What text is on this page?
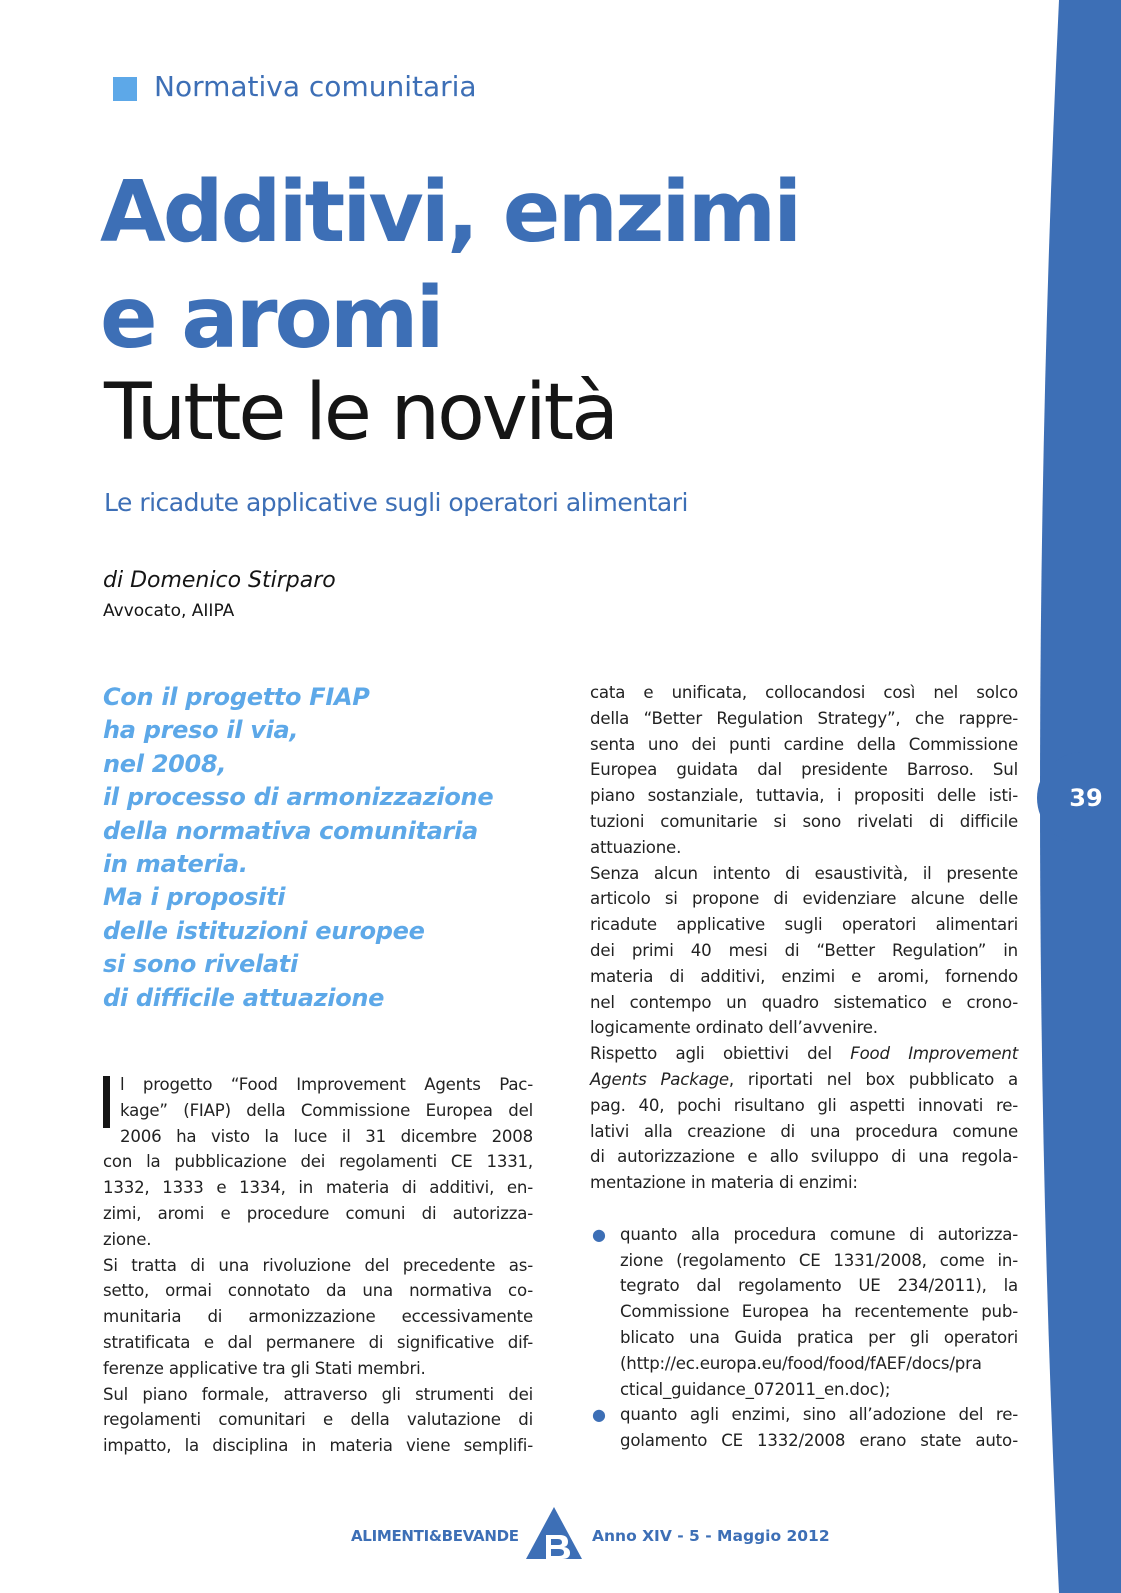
39
Normativa comunitaria
Additivi, enzimi
e aromi
Tutte le novità
Le ricadute applicative sugli operatori alimentari
di Domenico Stirparo
Avvocato, AIIPA
Con il progetto FIAP
ha preso il via,
nel 2008,
il processo di armonizzazione
della normativa comunitaria
in materia.
Ma i propositi
delle istituzioni europee
si sono rivelati
di difficile attuazione
l progetto “Food Improvement Agents Pac-
kage” (FIAP) della Commissione Europea del
2006 ha visto la luce il 31 dicembre 2008
con la pubblicazione dei regolamenti CE 1331,
1332, 1333 e 1334, in materia di additivi, en-
zimi, aromi e procedure comuni di autorizza-
zione.
Si tratta di una rivoluzione del precedente as-
setto, ormai connotato da una normativa co-
munitaria di armonizzazione eccessivamente
stratificata e dal permanere di significative dif-
ferenze applicative tra gli Stati membri.
Sul piano formale, attraverso gli strumenti dei
regolamenti comunitari e della valutazione di
impatto, la disciplina in materia viene semplifi-
cata e unificata, collocandosi così nel solco
della “Better Regulation Strategy”, che rappre-
senta uno dei punti cardine della Commissione
Europea guidata dal presidente Barroso. Sul
piano sostanziale, tuttavia, i propositi delle isti-
tuzioni comunitarie si sono rivelati di difficile
attuazione.
Senza alcun intento di esaustività, il presente
articolo si propone di evidenziare alcune delle
ricadute applicative sugli operatori alimentari
dei primi 40 mesi di “Better Regulation” in
materia di additivi, enzimi e aromi, fornendo
nel contempo un quadro sistematico e crono-
logicamente ordinato dell’avvenire.
Rispetto agli obiettivi del Food Improvement
Agents Package, riportati nel box pubblicato a
pag. 40, pochi risultano gli aspetti innovati re-
lativi alla creazione di una procedura comune
di autorizzazione e allo sviluppo di una regola-
mentazione in materia di enzimi:
● quanto alla procedura comune di autorizza-
zione (regolamento CE 1331/2008, come in-
tegrato dal regolamento UE 234/2011), la
Commissione Europea ha recentemente pub-
blicato una Guida pratica per gli operatori
(http://ec.europa.eu/food/food/fAEF/docs/pra
ctical_guidance_072011_en.doc);
● quanto agli enzimi, sino all’adozione del re-
golamento CE 1332/2008 erano state auto-
ALIMENTI&BEVANDE	Anno XIV - 5 - Maggio 2012
